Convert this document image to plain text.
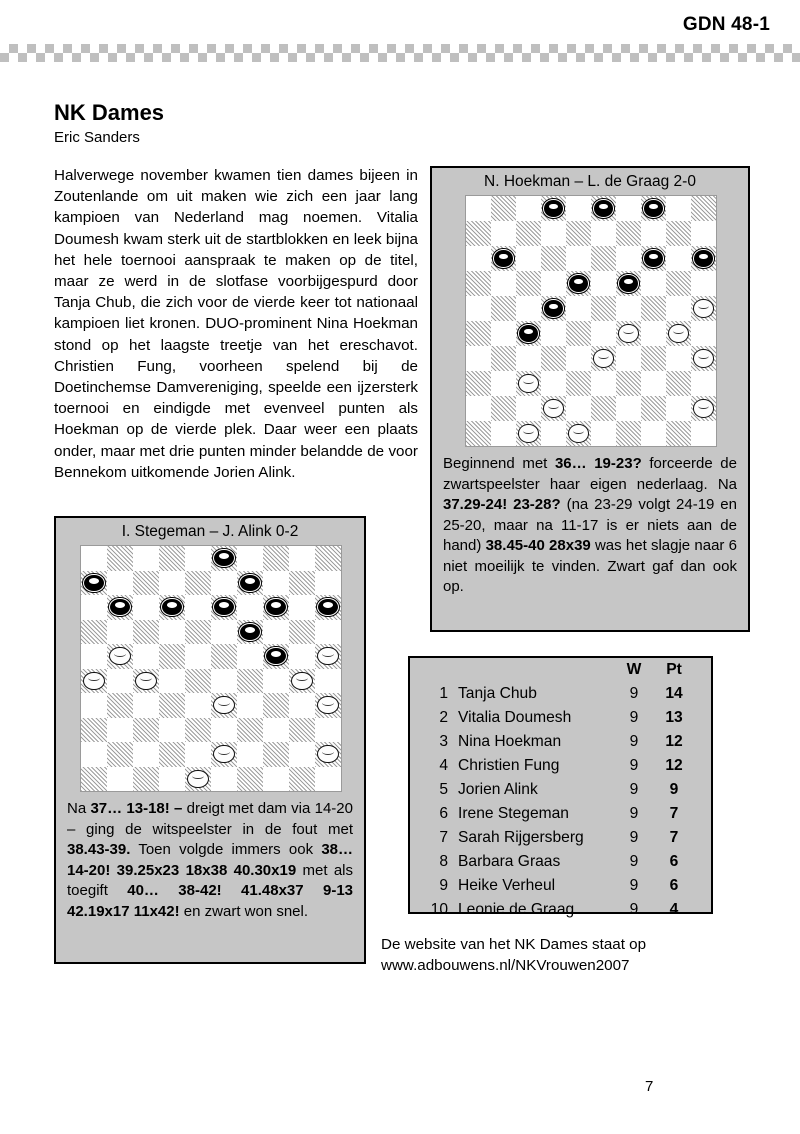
GDN 48-1
NK Dames
Eric Sanders
Halverwege november kwamen tien dames bijeen in Zoutenlande om uit maken wie zich een jaar lang kampioen van Nederland mag noemen. Vitalia Doumesh kwam sterk uit de startblokken en leek bijna het hele toernooi aanspraak te maken op de titel, maar ze werd in de slotfase voorbijgespurd door Tanja Chub, die zich voor de vierde keer tot nationaal kampioen liet kronen. DUO-prominent Nina Hoekman stond op het laagste treetje van het ereschavot. Christien Fung, voorheen spelend bij de Doetinchemse Damvereniging, speelde een ijzersterk toernooi en eindigde met evenveel punten als Hoekman op de vierde plek. Daar weer een plaats onder, maar met drie punten minder belandde de voor Bennekom uitkomende Jorien Alink.
N. Hoekman – L. de Graag 2-0
Beginnend met 36… 19-23? forceerde de zwartspeelster haar eigen nederlaag. Na 37.29-24! 23-28? (na 23-29 volgt 24-19 en 25-20, maar na 11-17 is er niets aan de hand) 38.45-40 28x39 was het slagje naar 6 niet moeilijk te vinden. Zwart gaf dan ook op.
I. Stegeman – J. Alink 0-2
Na 37… 13-18! – dreigt met dam via 14-20 – ging de witspeelster in de fout met 38.43-39. Toen volgde immers ook 38… 14-20! 39.25x23 18x38 40.30x19 met als toegift 40… 38-42! 41.48x37 9-13 42.19x17 11x42! en zwart won snel.
		W	Pt
1	Tanja Chub	9	14
2	Vitalia Doumesh	9	13
3	Nina Hoekman	9	12
4	Christien Fung	9	12
5	Jorien Alink	9	9
6	Irene Stegeman	9	7
7	Sarah Rijgersberg	9	7
8	Barbara Graas	9	6
9	Heike Verheul	9	6
10	Leonie de Graag	9	4
De website van het NK Dames staat op
www.adbouwens.nl/NKVrouwen2007
7
